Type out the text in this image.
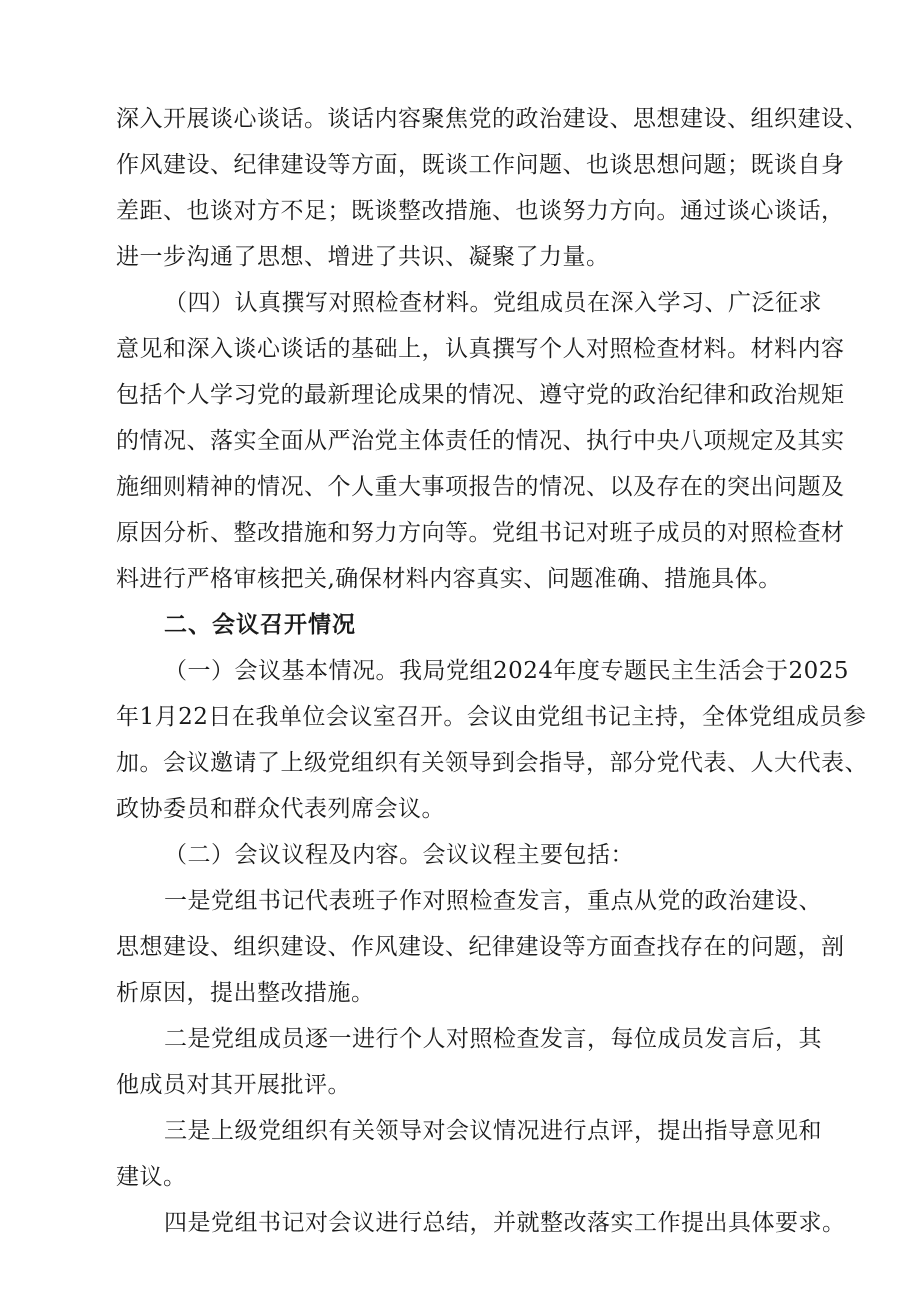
深入开展谈心谈话。谈话内容聚焦党的政治建设、思想建设、组织建设、
作风建设、纪律建设等方面，既谈工作问题、也谈思想问题；既谈自身
差距、也谈对方不足；既谈整改措施、也谈努力方向。通过谈心谈话，
进一步沟通了思想、增进了共识、凝聚了力量。
（四）认真撰写对照检查材料。党组成员在深入学习、广泛征求
意见和深入谈心谈话的基础上，认真撰写个人对照检查材料。材料内容
包括个人学习党的最新理论成果的情况、遵守党的政治纪律和政治规矩
的情况、落实全面从严治党主体责任的情况、执行中央八项规定及其实
施细则精神的情况、个人重大事项报告的情况、以及存在的突出问题及
原因分析、整改措施和努力方向等。党组书记对班子成员的对照检查材
料进行严格审核把关,确保材料内容真实、问题准确、措施具体。
二、会议召开情况
（一）会议基本情况。我局党组2024年度专题民主生活会于2025
年1月22日在我单位会议室召开。会议由党组书记主持，全体党组成员参
加。会议邀请了上级党组织有关领导到会指导，部分党代表、人大代表、
政协委员和群众代表列席会议。
（二）会议议程及内容。会议议程主要包括：
一是党组书记代表班子作对照检查发言，重点从党的政治建设、
思想建设、组织建设、作风建设、纪律建设等方面查找存在的问题，剖
析原因，提出整改措施。
二是党组成员逐一进行个人对照检查发言，每位成员发言后，其
他成员对其开展批评。
三是上级党组织有关领导对会议情况进行点评，提出指导意见和
建议。
四是党组书记对会议进行总结，并就整改落实工作提出具体要求。
